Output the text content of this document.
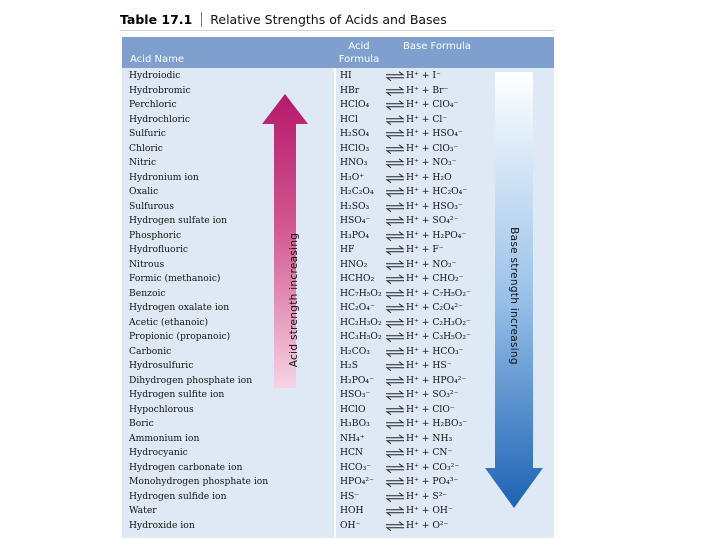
Table 17.1	Relative Strengths of Acids and Bases
Acid Name
Acid Formula
Base Formula
Hydroiodic	HI	⇌ H⁺ + I⁻
Hydrobromic	HBr	⇌ H⁺ + Br⁻
Perchloric	HClO₄ ⇌ H⁺ + ClO₄⁻
Hydrochloric	HCl	⇌ H⁺ + Cl⁻
Sulfuric	H₂SO₄ ⇌ H⁺ + HSO₄⁻
Chloric	HClO₃ ⇌ H⁺ + ClO₃⁻
Nitric	HNO₃ ⇌ H⁺ + NO₃⁻
Hydronium ion	H₃O⁺ ⇌ H⁺ + H₂O
Oxalic	H₂C₂O₄ ⇌ H⁺ + HC₂O₄⁻
Sulfurous	H₂SO₃ ⇌ H⁺ + HSO₃⁻
Hydrogen sulfate ion	HSO₄⁻ ⇌ H⁺ + SO₄²⁻
Phosphoric	H₃PO₄ ⇌ H⁺ + H₂PO₄⁻
Hydrofluoric	HF	⇌ H⁺ + F⁻
Nitrous	HNO₂ ⇌ H⁺ + NO₂⁻
Formic (methanoic)	HCHO₂ ⇌ H⁺ + CHO₂⁻
Benzoic	HC₇H₅O₂ ⇌ H⁺ + C₇H₅O₂⁻
Hydrogen oxalate ion	HC₂O₄⁻ ⇌ H⁺ + C₂O₄²⁻
Acetic (ethanoic)	HC₂H₃O₂ ⇌ H⁺ + C₂H₃O₂⁻
Propionic (propanoic)	HC₃H₅O₂ ⇌ H⁺ + C₃H₅O₂⁻
Carbonic	H₂CO₃ ⇌ H⁺ + HCO₃⁻
Hydrosulfuric	H₂S	⇌ H⁺ + HS⁻
Dihydrogen phosphate ion	H₂PO₄⁻ ⇌ H⁺ + HPO₄²⁻
Hydrogen sulfite ion	HSO₃⁻ ⇌ H⁺ + SO₃²⁻
Hypochlorous	HClO ⇌ H⁺ + ClO⁻
Boric	H₃BO₃ ⇌ H⁺ + H₂BO₃⁻
Ammonium ion	NH₄⁺ ⇌ H⁺ + NH₃
Hydrocyanic	HCN ⇌ H⁺ + CN⁻
Hydrogen carbonate ion	HCO₃⁻ ⇌ H⁺ + CO₃²⁻
Monohydrogen phosphate ion	HPO₄²⁻ ⇌ H⁺ + PO₄³⁻
Hydrogen sulfide ion	HS⁻	⇌ H⁺ + S²⁻
Water	HOH ⇌ H⁺ + OH⁻
Hydroxide ion	OH⁻	⇌ H⁺ + O²⁻
Acid strength increasing	Base strength increasing
